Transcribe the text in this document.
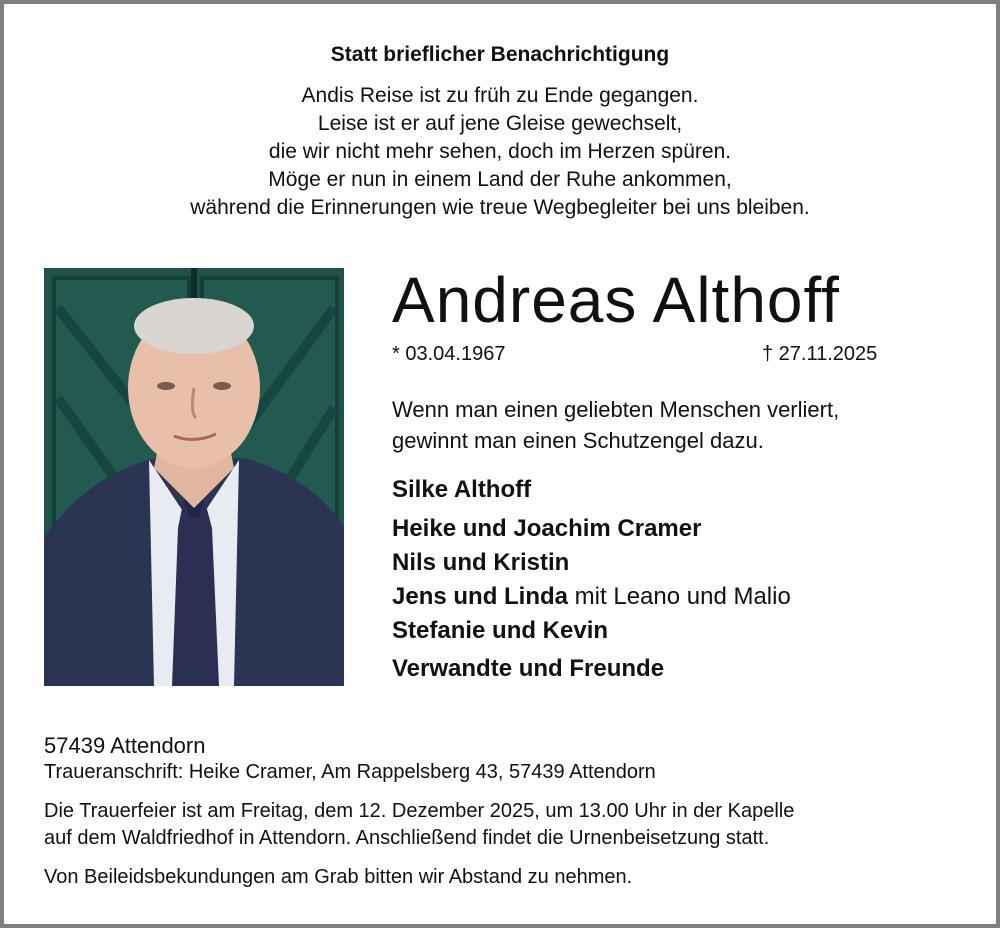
Statt brieflicher Benachrichtigung
Andis Reise ist zu früh zu Ende gegangen.
Leise ist er auf jene Gleise gewechselt,
die wir nicht mehr sehen, doch im Herzen spüren.
Möge er nun in einem Land der Ruhe ankommen,
während die Erinnerungen wie treue Wegbegleiter bei uns bleiben.
Andreas Althoff
* 03.04.1967	† 27.11.2025
Wenn man einen geliebten Menschen verliert,
gewinnt man einen Schutzengel dazu.
Silke Althoff
Heike und Joachim Cramer
Nils und Kristin
Jens und Linda mit Leano und Malio
Stefanie und Kevin
Verwandte und Freunde
57439 Attendorn
Traueranschrift: Heike Cramer, Am Rappelsberg 43, 57439 Attendorn
Die Trauerfeier ist am Freitag, dem 12. Dezember 2025, um 13.00 Uhr in der Kapelle
auf dem Waldfriedhof in Attendorn. Anschließend findet die Urnenbeisetzung statt.
Von Beileidsbekundungen am Grab bitten wir Abstand zu nehmen.
